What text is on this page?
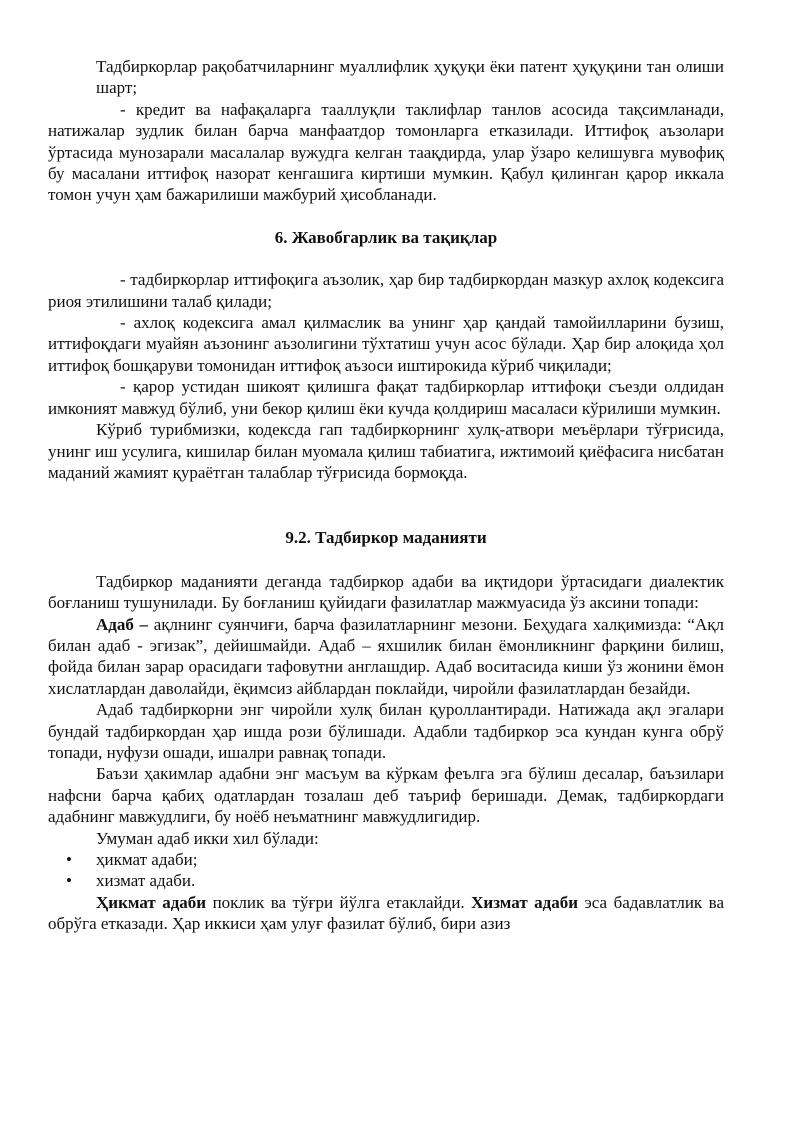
Тадбиркорлар рақобатчиларнинг муаллифлик ҳуқуқи ёки патент ҳуқуқини тан олиши шарт;

- кредит ва нафақаларга тааллуқли таклифлар танлов асосида тақсимланади, натижалар зудлик билан барча манфаатдор томонларга етказилади. Иттифоқ аъзолари ўртасида мунозарали масалалар вужудга келган таақдирда, улар ўзаро келишувга мувофиқ бу масалани иттифоқ назорат кенгашига киртиши мумкин. Қабул қилинган қарор иккала томон учун ҳам бажарилиши мажбурий ҳисобланади.

6. Жавобгарлик ва тақиқлар

- тадбиркорлар иттифоқига аъзолик, ҳар бир тадбиркордан мазкур ахлоқ кодексига риоя этилишини талаб қилади;

- ахлоқ кодексига амал қилмаслик ва унинг ҳар қандай тамойилларини бузиш, иттифоқдаги муайян аъзонинг аъзолигини тўхтатиш учун асос бўлади. Ҳар бир алоқида ҳол иттифоқ бошқаруви томонидан иттифоқ аъзоси иштирокида кўриб чиқилади;

- қарор устидан шикоят қилишга фақат тадбиркорлар иттифоқи съезди олдидан имконият мавжуд бўлиб, уни бекор қилиш ёки кучда қолдириш масаласи кўрилиши мумкин.

Кўриб турибмизки, кодексда гап тадбиркорнинг хулқ-атвори меъёрлари тўғрисида, унинг иш усулига, кишилар билан муомала қилиш табиатига, ижтимоий қиёфасига нисбатан маданий жамият қураётган талаблар тўғрисида бормоқда.

9.2. Тадбиркор маданияти

Тадбиркор маданияти деганда тадбиркор адаби ва иқтидори ўртасидаги диалектик боғланиш тушунилади. Бу боғланиш қуйидаги фазилатлар мажмуасида ўз аксини топади:

Адаб – ақлнинг суянчиғи, барча фазилатларнинг мезони. Беҳудага халқимизда: “Ақл билан адаб - эгизак”, дейишмайди. Адаб – яхшилик билан ёмонликнинг фарқини билиш, фойда билан зарар орасидаги тафовутни англашдир. Адаб воситасида киши ўз жонини ёмон хислатлардан даволайди, ёқимсиз айблардан поклайди, чиройли фазилатлардан безайди.

Адаб тадбиркорни энг чиройли хулқ билан қуроллантиради. Натижада ақл эгалари бундай тадбиркордан ҳар ишда рози бўлишади. Адабли тадбиркор эса кундан кунга обрў топади, нуфузи ошади, ишалри равнақ топади.

Баъзи ҳакимлар адабни энг масъум ва кўркам феълга эга бўлиш десалар, баъзилари нафсни барча қабиҳ одатлардан тозалаш деб таъриф беришади. Демак, тадбиркордаги адабнинг мавжудлиги, бу ноёб неъматнинг мавжудлигидир.

Умуман адаб икки хил бўлади:

• ҳикмат адаби;
• хизмат адаби.

Ҳикмат адаби поклик ва тўғри йўлга етаклайди. Хизмат адаби эса бадавлатлик ва обрўга етказади. Ҳар иккиси ҳам улуғ фазилат бўлиб, бири азиз
